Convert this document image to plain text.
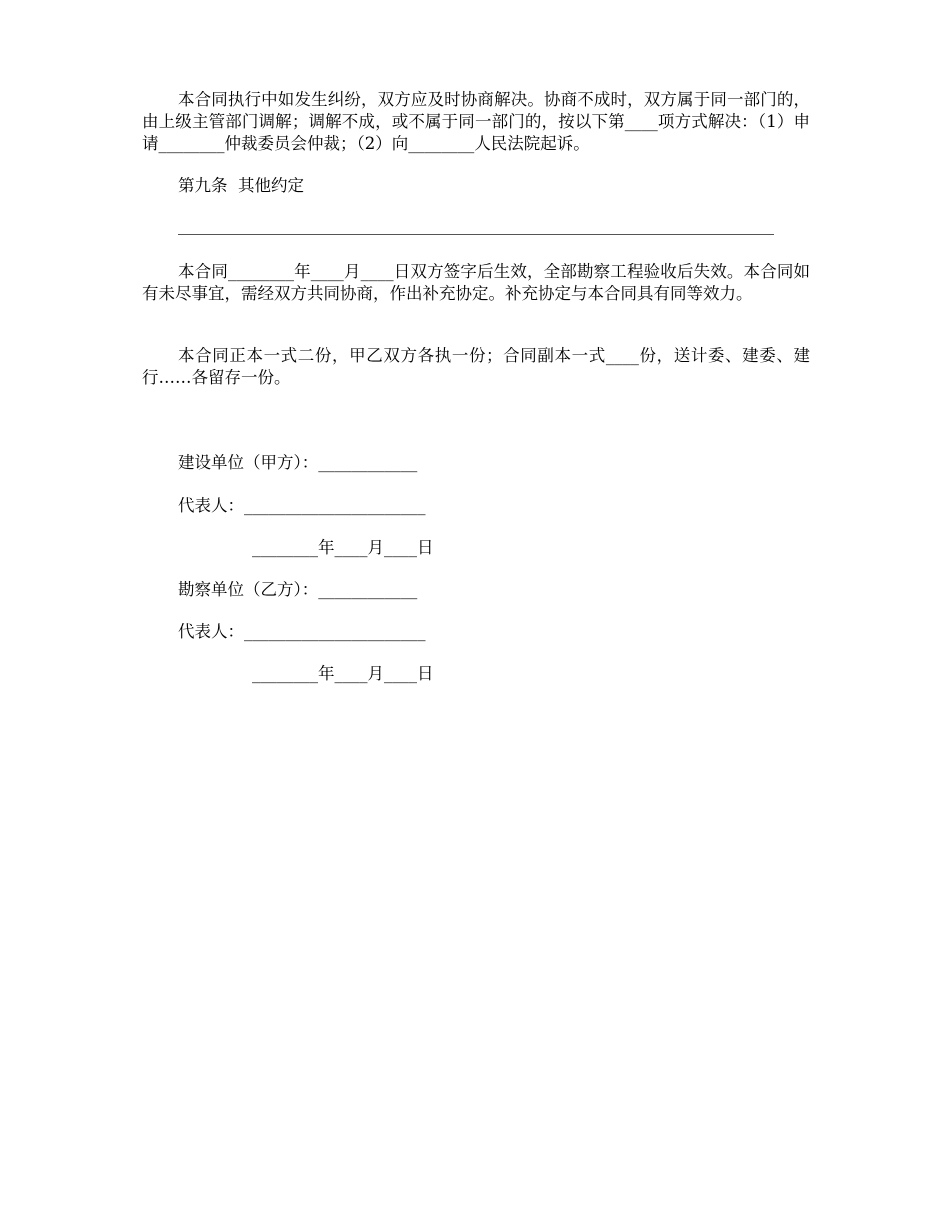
本合同执行中如发生纠纷，双方应及时协商解决。协商不成时，双方属于同一部门的，由上级主管部门调解；调解不成，或不属于同一部门的，按以下第____项方式解决：（1）申请________仲裁委员会仲裁；（2）向________人民法院起诉。

第九条  其他约定

本合同________年____月____日双方签字后生效，全部勘察工程验收后失效。本合同如有未尽事宜，需经双方共同协商，作出补充协定。补充协定与本合同具有同等效力。

本合同正本一式二份，甲乙双方各执一份；合同副本一式____份，送计委、建委、建行……各留存一份。

建设单位（甲方）：____________

代表人：______________________

________年____月____日

勘察单位（乙方）：____________

代表人：______________________

________年____月____日
